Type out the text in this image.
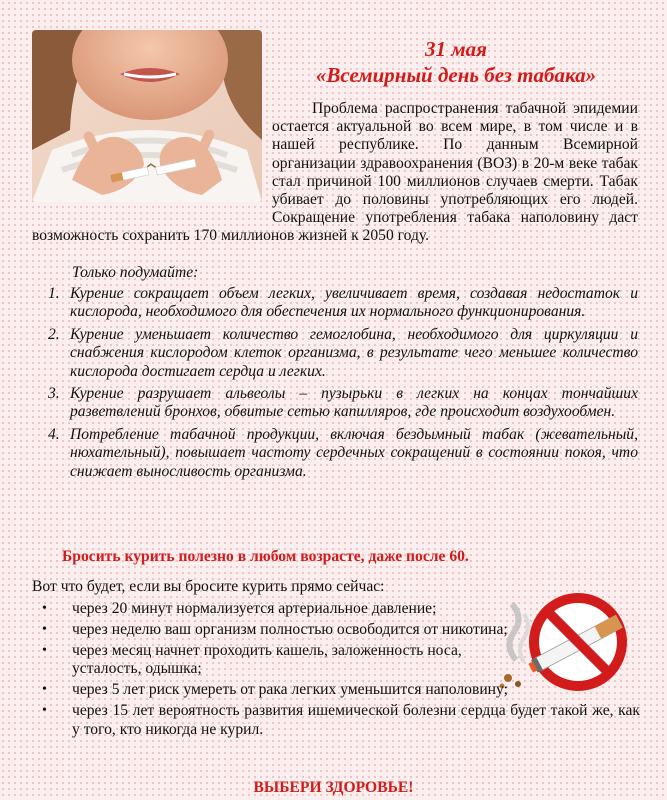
31 мая
«Всемирный день без табака»

Проблема распространения табачной эпидемии остается актуальной во всем мире, в том числе и в нашей республике. По данным Всемирной организации здравоохранения (ВОЗ) в 20-м веке табак стал причиной 100 миллионов случаев смерти. Табак убивает до половины употребляющих его людей. Сокращение употребления табака наполовину даст возможность сохранить 170 миллионов жизней к 2050 году.

Только подумайте:

1. Курение сокращает объем легких, увеличивает время, создавая недостаток и кислорода, необходимого для обеспечения их нормального функционирования.
2. Курение уменьшает количество гемоглобина, необходимого для циркуляции и снабжения кислородом клеток организма, в результате чего меньшее количество кислорода достигает сердца и легких.
3. Курение разрушает альвеолы – пузырьки в легких на концах тончайших разветвлений бронхов, обвитые сетью капилляров, где происходит воздухообмен.
4. Потребление табачной продукции, включая бездымный табак (жевательный, нюхательный), повышает частоту сердечных сокращений в состоянии покоя, что снижает выносливость организма.

Бросить курить полезно в любом возрасте, даже после 60.

Вот что будет, если вы бросите курить прямо сейчас:

•	через 20 минут нормализуется артериальное давление;
•	через неделю ваш организм полностью освободится от никотина;
•	через месяц начнет проходить кашель, заложенность носа, усталость, одышка;
•	через 5 лет риск умереть от рака легких уменьшится наполовину;
•	через 15 лет вероятность развития ишемической болезни сердца будет такой же, как у того, кто никогда не курил.

ВЫБЕРИ ЗДОРОВЬЕ!
